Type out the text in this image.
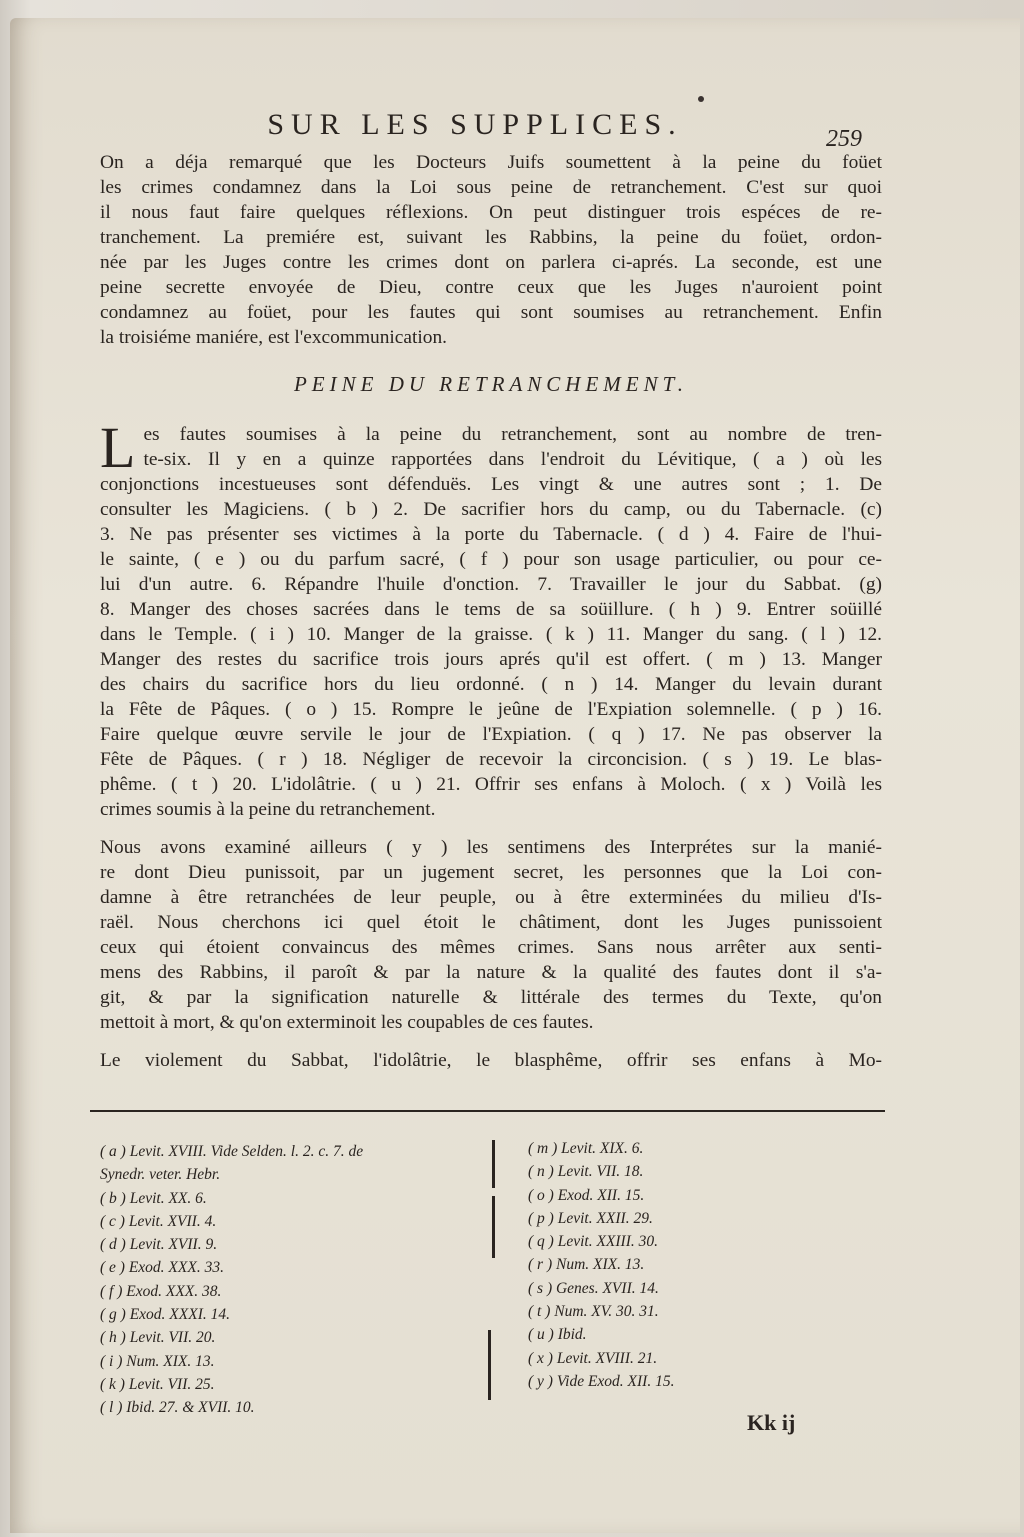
SUR LES SUPPLICES.	259
On a déja remarqué que les Docteurs Juifs soumettent à la peine du foüet
les crimes condamnez dans la Loi sous peine de retranchement. C'est sur quoi
il nous faut faire quelques réflexions. On peut distinguer trois espéces de re-
tranchement. La premiére est, suivant les Rabbins, la peine du foüet, ordon-
née par les Juges contre les crimes dont on parlera ci-aprés. La seconde, est une
peine secrette envoyée de Dieu, contre ceux que les Juges n'auroient point
condamnez au foüet, pour les fautes qui sont soumises au retranchement. Enfin
la troisiéme maniére, est l'excommunication.
PEINE DU RETRANCHEMENT.
L es fautes soumises à la peine du retranchement, sont au nombre de tren-
te-six. Il y en a quinze rapportées dans l'endroit du Lévitique, ( a ) où les
conjonctions incestueuses sont défenduës. Les vingt & une autres sont ; 1. De
consulter les Magiciens. ( b ) 2. De sacrifier hors du camp, ou du Tabernacle. (c)
3. Ne pas présenter ses victimes à la porte du Tabernacle. ( d ) 4. Faire de l'hui-
le sainte, ( e ) ou du parfum sacré, ( f ) pour son usage particulier, ou pour ce-
lui d'un autre. 6. Répandre l'huile d'onction. 7. Travailler le jour du Sabbat. (g)
8. Manger des choses sacrées dans le tems de sa soüillure. ( h ) 9. Entrer soüillé
dans le Temple. ( i ) 10. Manger de la graisse. ( k ) 11. Manger du sang. ( l ) 12.
Manger des restes du sacrifice trois jours aprés qu'il est offert. ( m ) 13. Manger
des chairs du sacrifice hors du lieu ordonné. ( n ) 14. Manger du levain durant
la Fête de Pâques. ( o ) 15. Rompre le jeûne de l'Expiation solemnelle. ( p ) 16.
Faire quelque œuvre servile le jour de l'Expiation. ( q ) 17. Ne pas observer la
Fête de Pâques. ( r ) 18. Négliger de recevoir la circoncision. ( s ) 19. Le blas-
phême. ( t ) 20. L'idolâtrie. ( u ) 21. Offrir ses enfans à Moloch. ( x ) Voilà les
crimes soumis à la peine du retranchement.
Nous avons examiné ailleurs ( y ) les sentimens des Interprétes sur la manié-
re dont Dieu punissoit, par un jugement secret, les personnes que la Loi con-
damne à être retranchées de leur peuple, ou à être exterminées du milieu d'Is-
raël. Nous cherchons ici quel étoit le châtiment, dont les Juges punissoient
ceux qui étoient convaincus des mêmes crimes. Sans nous arrêter aux senti-
mens des Rabbins, il paroît & par la nature & la qualité des fautes dont il s'a-
git, & par la signification naturelle & littérale des termes du Texte, qu'on
mettoit à mort, & qu'on exterminoit les coupables de ces fautes.
Le violement du Sabbat, l'idolâtrie, le blasphême, offrir ses enfans à Mo-
( a ) Levit. XVIII. Vide Selden. l. 2. c. 7. de
Synedr. veter. Hebr.
( b ) Levit. XX. 6.
( c ) Levit. XVII. 4.
( d ) Levit. XVII. 9.
( e ) Exod. XXX. 33.
( f ) Exod. XXX. 38.
( g ) Exod. XXXI. 14.
( h ) Levit. VII. 20.
( i ) Num. XIX. 13.
( k ) Levit. VII. 25.
( l ) Ibid. 27. & XVII. 10.
( m ) Levit. XIX. 6.
( n ) Levit. VII. 18.
( o ) Exod. XII. 15.
( p ) Levit. XXII. 29.
( q ) Levit. XXIII. 30.
( r ) Num. XIX. 13.
( s ) Genes. XVII. 14.
( t ) Num. XV. 30. 31.
( u ) Ibid.
( x ) Levit. XVIII. 21.
( y ) Vide Exod. XII. 15.
Kk ij
